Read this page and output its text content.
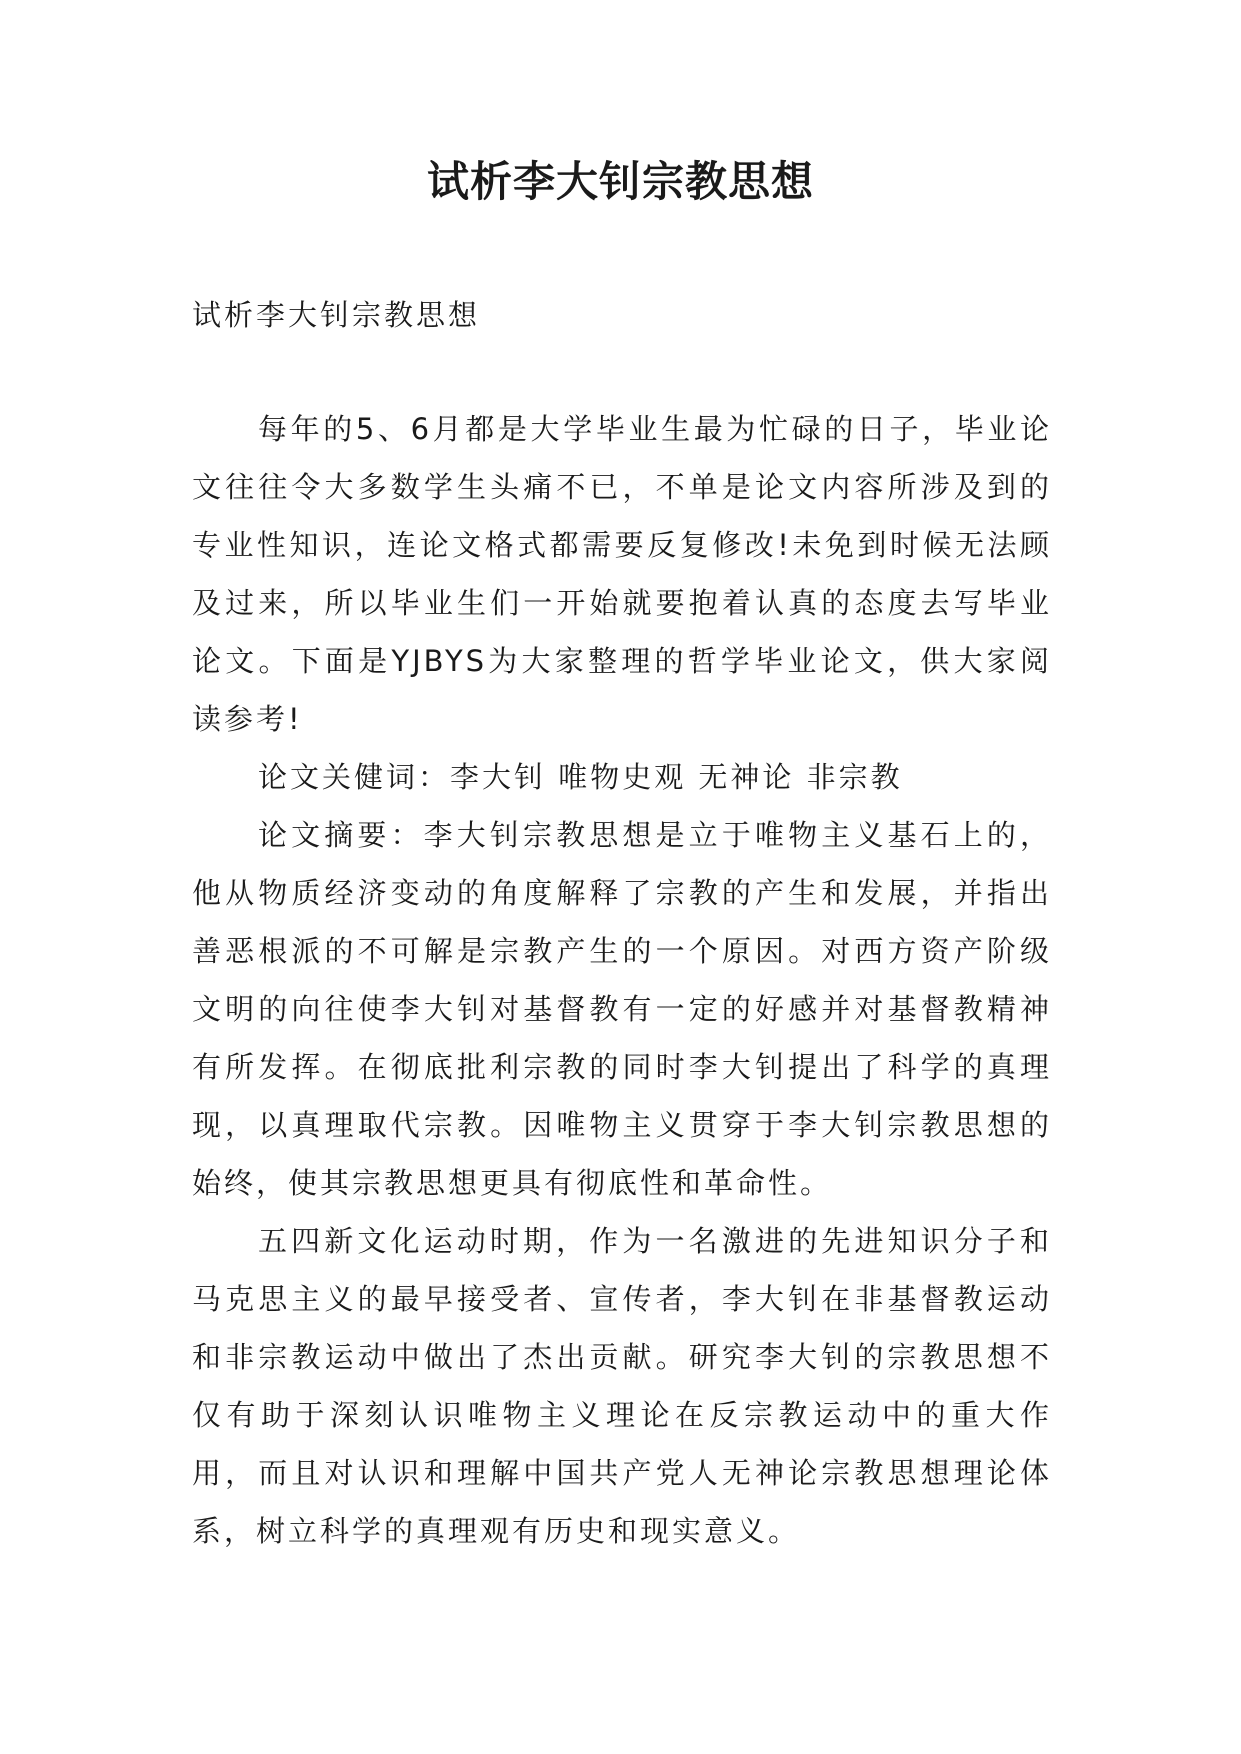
试析李大钊宗教思想

试析李大钊宗教思想

每年的5、6月都是大学毕业生最为忙碌的日子，毕业论文往往令大多数学生头痛不已，不单是论文内容所涉及到的专业性知识，连论文格式都需要反复修改!未免到时候无法顾及过来，所以毕业生们一开始就要抱着认真的态度去写毕业论文。下面是YJBYS为大家整理的哲学毕业论文，供大家阅读参考!

论文关健词：李大钊 唯物史观 无神论 非宗教

论文摘要：李大钊宗教思想是立于唯物主义基石上的，他从物质经济变动的角度解释了宗教的产生和发展，并指出善恶根派的不可解是宗教产生的一个原因。对西方资产阶级文明的向往使李大钊对基督教有一定的好感并对基督教精神有所发挥。在彻底批利宗教的同时李大钊提出了科学的真理现，以真理取代宗教。因唯物主义贯穿于李大钊宗教思想的始终，使其宗教思想更具有彻底性和革命性。

五四新文化运动时期，作为一名激进的先进知识分子和马克思主义的最早接受者、宣传者，李大钊在非基督教运动和非宗教运动中做出了杰出贡献。研究李大钊的宗教思想不仅有助于深刻认识唯物主义理论在反宗教运动中的重大作用，而且对认识和理解中国共产党人无神论宗教思想理论体系，树立科学的真理观有历史和现实意义。
